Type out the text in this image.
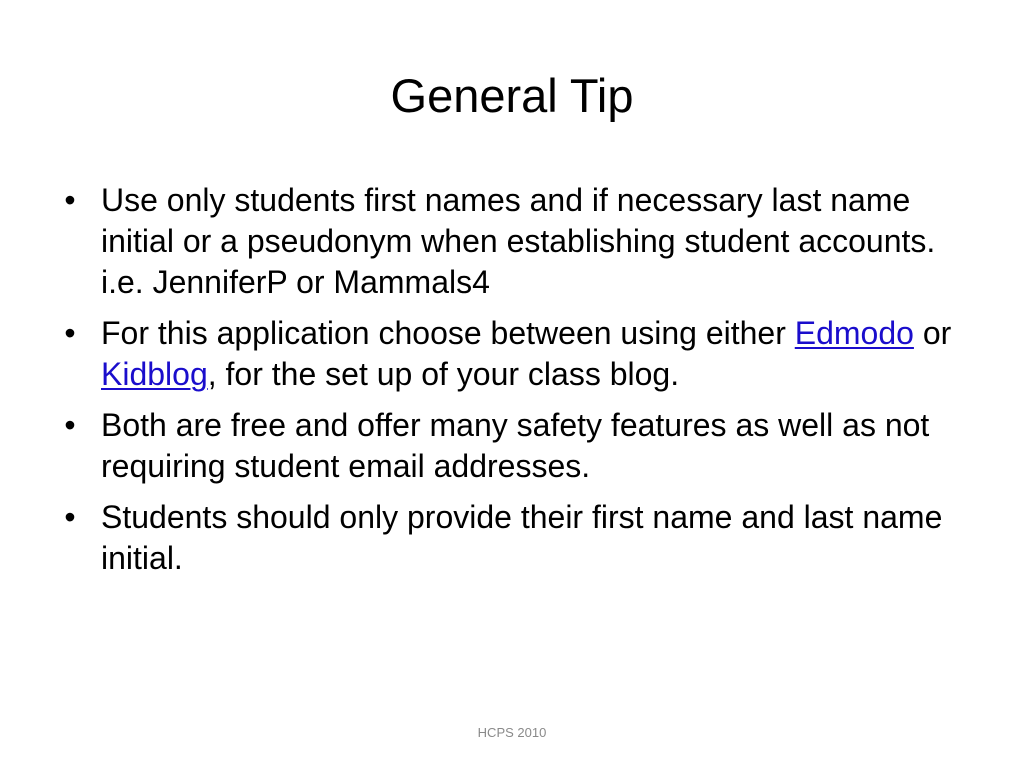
General Tip
• Use only students first names and if necessary last name initial or a pseudonym when establishing student accounts. i.e. JenniferP or Mammals4
• For this application choose between using either Edmodo or Kidblog, for the set up of your class blog.
• Both are free and offer many safety features as well as not requiring student email addresses.
• Students should only provide their first name and last name initial.
HCPS 2010
